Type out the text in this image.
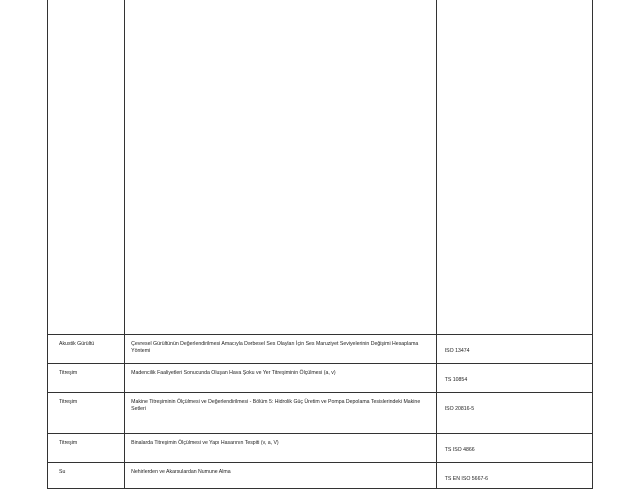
Akustik Gürültü	Çevresel Gürültünün Değerlendirilmesi Amacıyla Dərbesel Ses Olayları İçin Ses Maruziyet Seviyelerinin Değişimi Hesaplama Yöntemi	ISO 13474

Titreşim	Madencilik Faaliyetleri Sonucunda Oluşan Hava Şoku ve Yer Titreşiminin Ölçülmesi (a, v)	TS 10854

Titreşim	Makine Titreşiminin Ölçülmesi ve Değerlendirilmesi - Bölüm 5: Hidrolik Güç Üretim ve Pompa Depolama Tesislerindeki Makine Setleri	ISO 20816-5

Titreşim	Binalarda Titreşimin Ölçülmesi ve Yapı Hasarının Tespiti (v, a, V)	TS ISO 4866

Su	Nehirlerden ve Akarsulardan Numune Alma	TS EN ISO 5667-6
